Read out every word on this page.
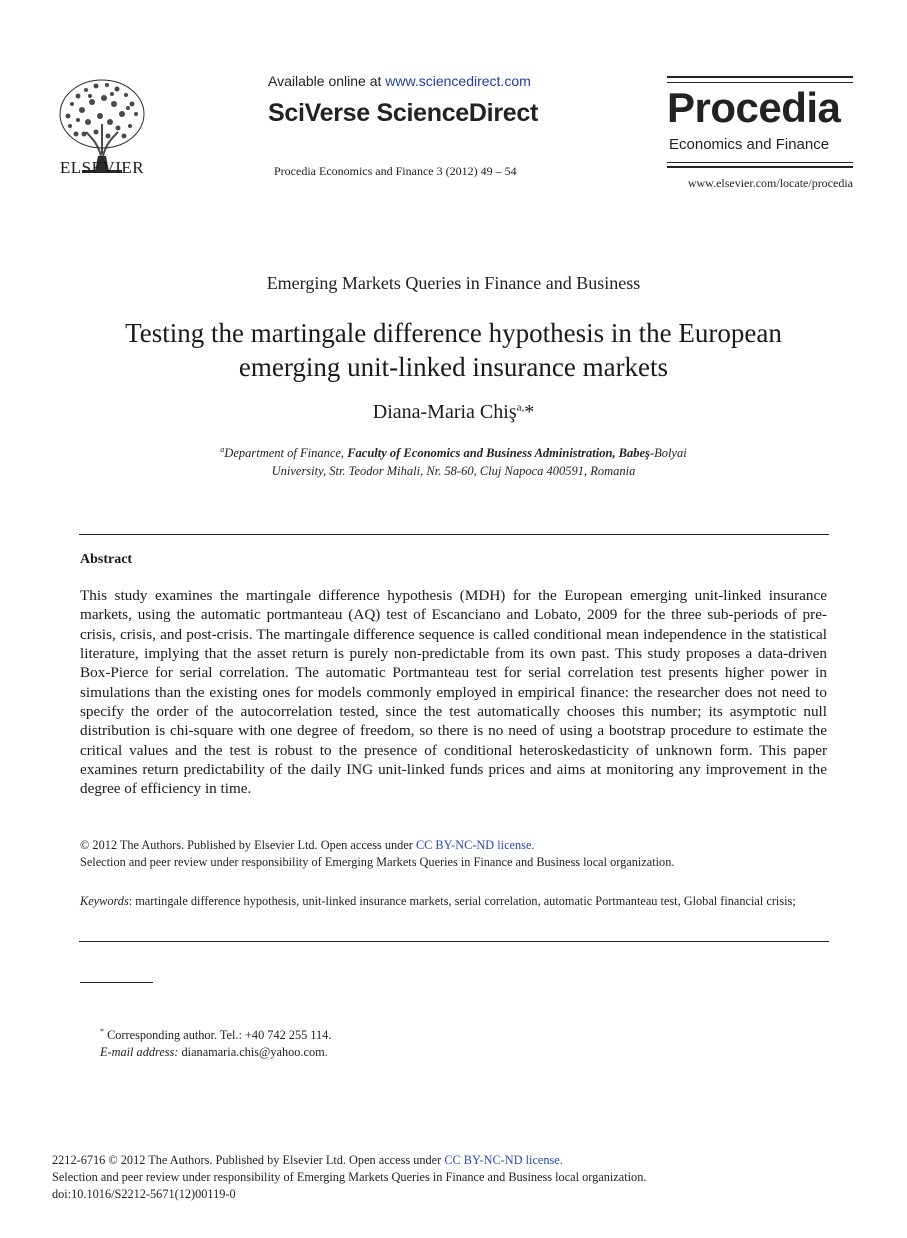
ELSEVIER
Available online at www.sciencedirect.com
SciVerse ScienceDirect
Procedia Economics and Finance 3 (2012) 49 – 54
Procedia
Economics and Finance
www.elsevier.com/locate/procedia
Emerging Markets Queries in Finance and Business
Testing the martingale difference hypothesis in the European
emerging unit-linked insurance markets
Diana-Maria Chiş$^{a,}$*
$^a$Department of Finance, Faculty of Economics and Business Administration, Babeş-Bolyai
University, Str. Teodor Mihali, Nr. 58-60, Cluj Napoca 400591, Romania
Abstract
This study examines the martingale difference hypothesis (MDH) for the European emerging unit-linked insurance markets, using the automatic portmanteau (AQ) test of Escanciano and Lobato, 2009 for the three sub-periods of pre-crisis, crisis, and post-crisis. The martingale difference sequence is called conditional mean independence in the statistical literature, implying that the asset return is purely non-predictable from its own past. This study proposes a data-driven Box-Pierce for serial correlation. The automatic Portmanteau test for serial correlation test presents higher power in simulations than the existing ones for models commonly employed in empirical finance: the researcher does not need to specify the order of the autocorrelation tested, since the test automatically chooses this number; its asymptotic null distribution is chi-square with one degree of freedom, so there is no need of using a bootstrap procedure to estimate the critical values and the test is robust to the presence of conditional heteroskedasticity of unknown form. This paper examines return predictability of the daily ING unit-linked funds prices and aims at monitoring any improvement in the degree of efficiency in time.
© 2012 The Authors. Published by Elsevier Ltd. Open access under CC BY-NC-ND license.
Selection and peer review under responsibility of Emerging Markets Queries in Finance and Business local organization.
Keywords: martingale difference hypothesis, unit-linked insurance markets, serial correlation, automatic Portmanteau test, Global financial crisis;
* Corresponding author. Tel.: +40 742 255 114.
E-mail address: dianamaria.chis@yahoo.com.
2212-6716 © 2012 The Authors. Published by Elsevier Ltd. Open access under CC BY-NC-ND license.
Selection and peer review under responsibility of Emerging Markets Queries in Finance and Business local organization.
doi:10.1016/S2212-5671(12)00119-0
